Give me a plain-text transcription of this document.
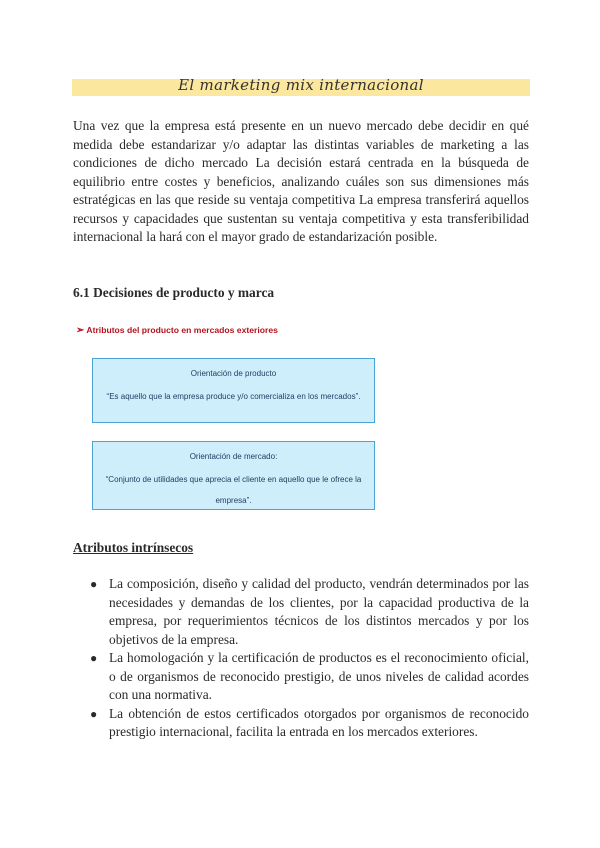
El marketing mix internacional

Una vez que la empresa está presente en un nuevo mercado debe decidir en qué medida debe estandarizar y/o adaptar las distintas variables de marketing a las condiciones de dicho mercado La decisión estará centrada en la búsqueda de equilibrio entre costes y beneficios, analizando cuáles son sus dimensiones más estratégicas en las que reside su ventaja competitiva La empresa transferirá aquellos recursos y capacidades que sustentan su ventaja competitiva y esta transferibilidad internacional la hará con el mayor grado de estandarización posible.

6.1 Decisiones de producto y marca

➢ Atributos del producto en mercados exteriores

Orientación de producto
“Es aquello que la empresa produce y/o comercializa en los mercados”.
Orientación de mercado:
“Conjunto de utilidades que aprecia el cliente en aquello que le ofrece la empresa”.

Atributos intrínsecos

● La composición, diseño y calidad del producto, vendrán determinados por las necesidades y demandas de los clientes, por la capacidad productiva de la empresa, por requerimientos técnicos de los distintos mercados y por los objetivos de la empresa.
● La homologación y la certificación de productos es el reconocimiento oficial, o de organismos de reconocido prestigio, de unos niveles de calidad acordes con una normativa.
● La obtención de estos certificados otorgados por organismos de reconocido prestigio internacional, facilita la entrada en los mercados exteriores.
